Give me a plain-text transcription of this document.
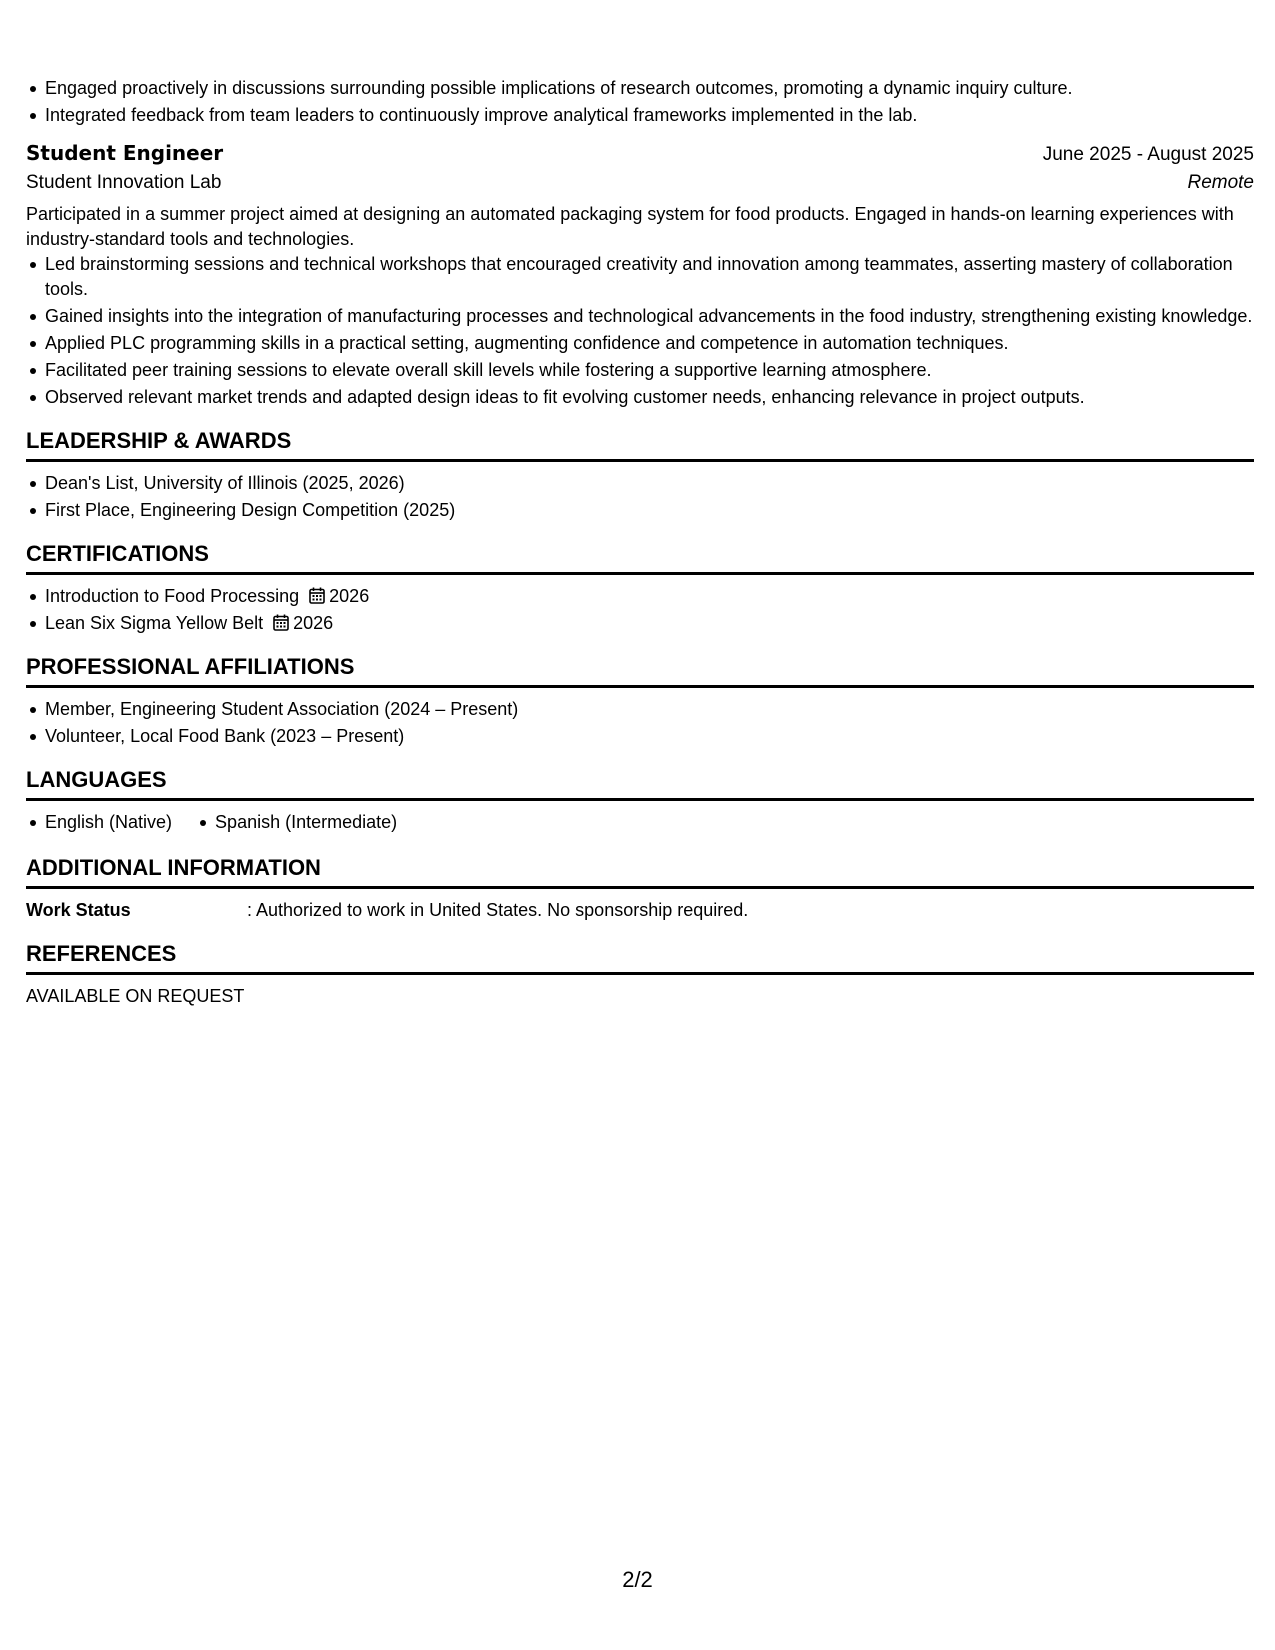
Engaged proactively in discussions surrounding possible implications of research outcomes, promoting a dynamic inquiry culture.
Integrated feedback from team leaders to continuously improve analytical frameworks implemented in the lab.
Student Engineer	June 2025 - August 2025
Student Innovation Lab	Remote

Participated in a summer project aimed at designing an automated packaging system for food products. Engaged in hands-on learning experiences with industry-standard tools and technologies.

Led brainstorming sessions and technical workshops that encouraged creativity and innovation among teammates, asserting mastery of collaboration tools.
Gained insights into the integration of manufacturing processes and technological advancements in the food industry, strengthening existing knowledge.
Applied PLC programming skills in a practical setting, augmenting confidence and competence in automation techniques.
Facilitated peer training sessions to elevate overall skill levels while fostering a supportive learning atmosphere.
Observed relevant market trends and adapted design ideas to fit evolving customer needs, enhancing relevance in project outputs.
LEADERSHIP & AWARDS
Dean's List, University of Illinois (2025, 2026)
First Place, Engineering Design Competition (2025)
CERTIFICATIONS
Introduction to Food Processing 2026
Lean Six Sigma Yellow Belt 2026
PROFESSIONAL AFFILIATIONS
Member, Engineering Student Association (2024 – Present)
Volunteer, Local Food Bank (2023 – Present)
LANGUAGES
English (Native) Spanish (Intermediate)
ADDITIONAL INFORMATION
Work Status	: Authorized to work in United States. No sponsorship required.
REFERENCES
AVAILABLE ON REQUEST
2/2
